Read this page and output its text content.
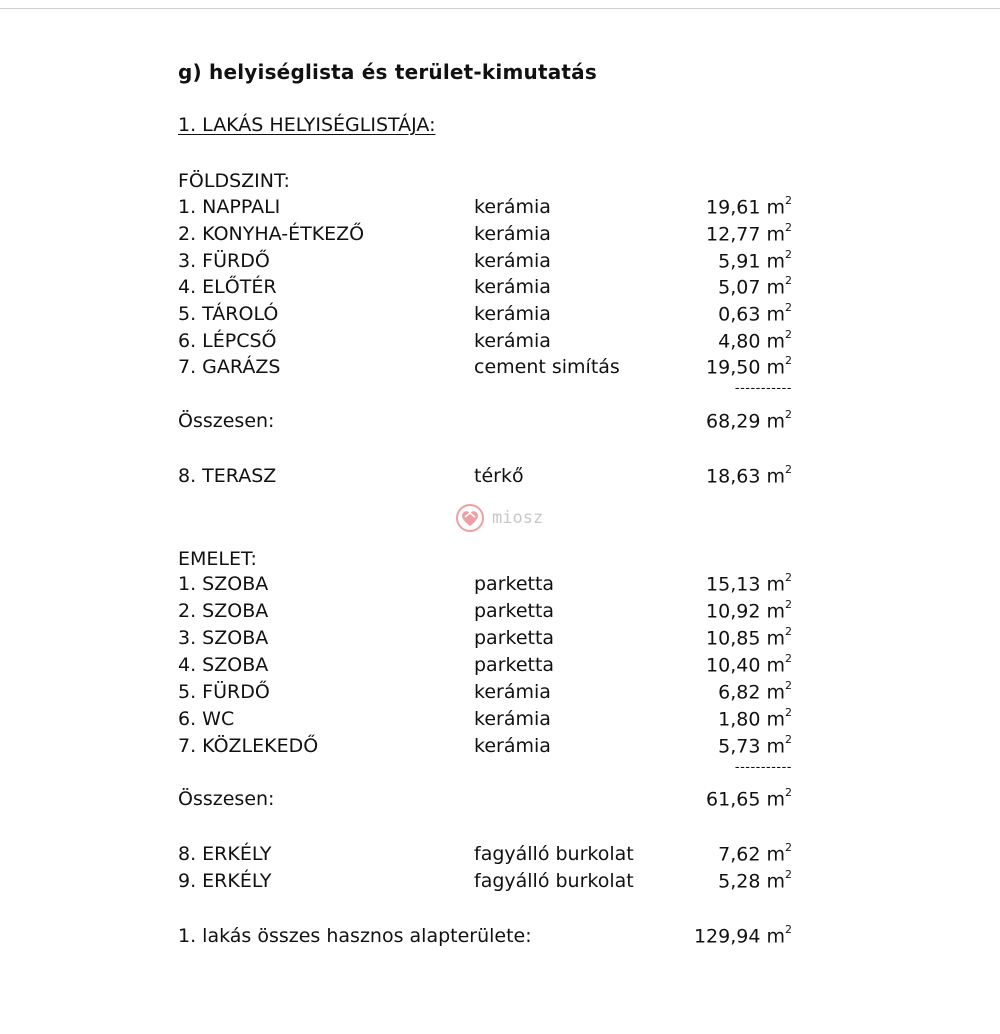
g) helyiséglista és terület-kimutatás
1. LAKÁS HELYISÉGLISTÁJA:
FÖLDSZINT:
1. NAPPALI	kerámia	19,61 $m^2$
2. KONYHA-ÉTKEZŐ	kerámia	12,77 $m^2$
3. FÜRDŐ	kerámia	5,91 $m^2$
4. ELŐTÉR	kerámia	5,07 $m^2$
5. TÁROLÓ	kerámia	0,63 $m^2$
6. LÉPCSŐ	kerámia	4,80 $m^2$
7. GARÁZS	cement simítás	19,50 $m^2$
-----------
Összesen:	68,29 $m^2$
8. TERASZ	térkő	18,63 $m^2$
miosz
EMELET:
1. SZOBA	parketta	15,13 $m^2$
2. SZOBA	parketta	10,92 $m^2$
3. SZOBA	parketta	10,85 $m^2$
4. SZOBA	parketta	10,40 $m^2$
5. FÜRDŐ	kerámia	6,82 $m^2$
6. WC	kerámia	1,80 $m^2$
7. KÖZLEKEDŐ	kerámia	5,73 $m^2$
-----------
Összesen:	61,65 $m^2$
8. ERKÉLY	fagyálló burkolat	7,62 $m^2$
9. ERKÉLY	fagyálló burkolat	5,28 $m^2$
1. lakás összes hasznos alapterülete:	129,94 $m^2$
